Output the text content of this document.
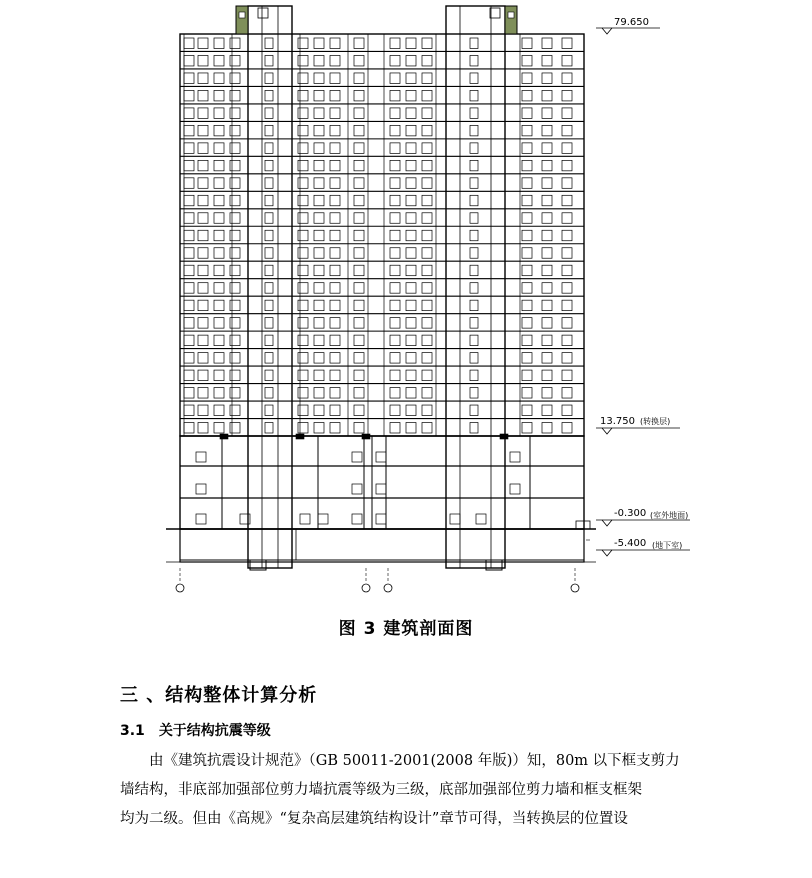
79.650
13.750 (转换层)
-0.300 (室外地面)
-5.400 (地下室)
图 3 建筑剖面图
三 、结构整体计算分析
3.1 关于结构抗震等级

由《建筑抗震设计规范》（GB 50011-2001(2008 年版)）知，80m 以下框支剪力

墙结构，非底部加强部位剪力墙抗震等级为三级，底部加强部位剪力墙和框支框架

均为二级。但由《高规》“复杂高层建筑结构设计”章节可得，当转换层的位置设
